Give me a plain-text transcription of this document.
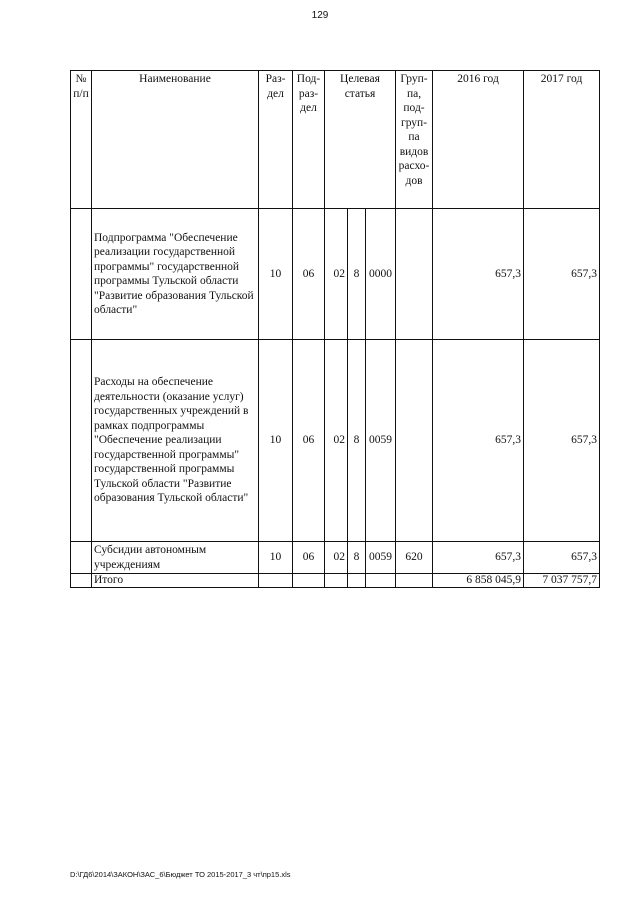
129
№ п/п	Наименование	Раз-дел	Под-раз-дел	Целевая статья			Груп-па, под-груп-па видов расхо-дов	2016 год	2017 год
	Подпрограмма "Обеспечение реализации государственной программы" государственной программы Тульской области "Развитие образования Тульской области"	10	06	02	8	0000		657,3	657,3
	Расходы на обеспечение деятельности (оказание услуг) государственных учреждений в рамках подпрограммы "Обеспечение реализации государственной программы" государственной программы Тульской области "Развитие образования Тульской области"	10	06	02	8	0059		657,3	657,3
	Субсидии автономным учреждениям	10	06	02	8	0059	620	657,3	657,3
	Итого							6 858 045,9	7 037 757,7
D:\ГД6\2014\ЗАКОН\ЗАС_6\Бюджет ТО 2015-2017_3 чт\пр15.xls
